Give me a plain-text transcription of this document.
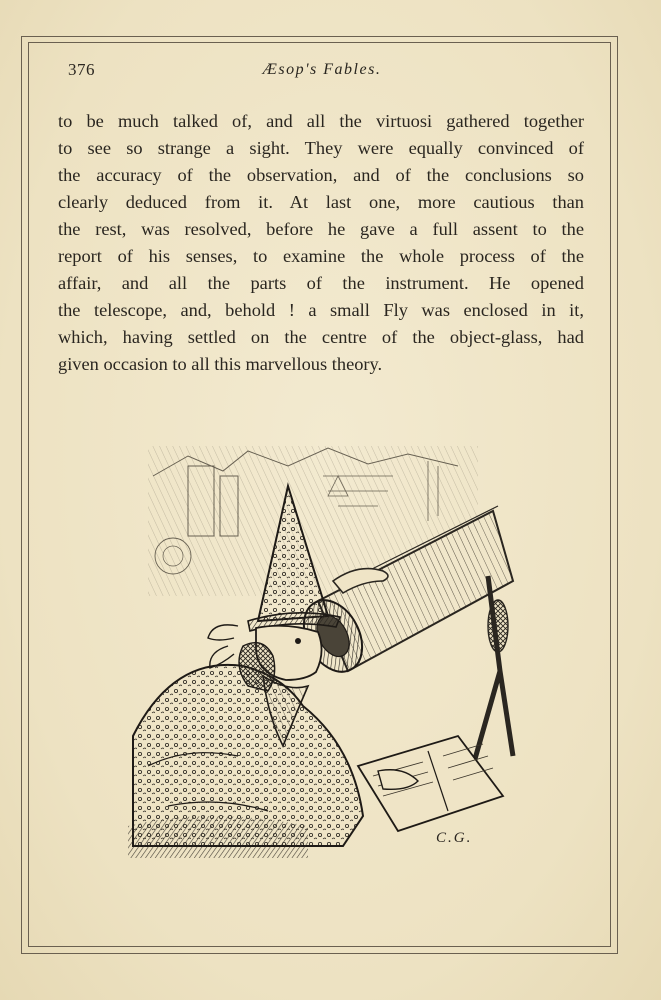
376	Æsop's Fables.
to be much talked of, and all the virtuosi gathered together
to see so strange a sight. They were equally convinced of
the accuracy of the observation, and of the conclusions so
clearly deduced from it. At last one, more cautious than
the rest, was resolved, before he gave a full assent to the
report of his senses, to examine the whole process of the
affair, and all the parts of the instrument. He opened
the telescope, and, behold ! a small Fly was enclosed in it,
which, having settled on the centre of the object-glass, had
given occasion to all this marvellous theory.
C.G.
